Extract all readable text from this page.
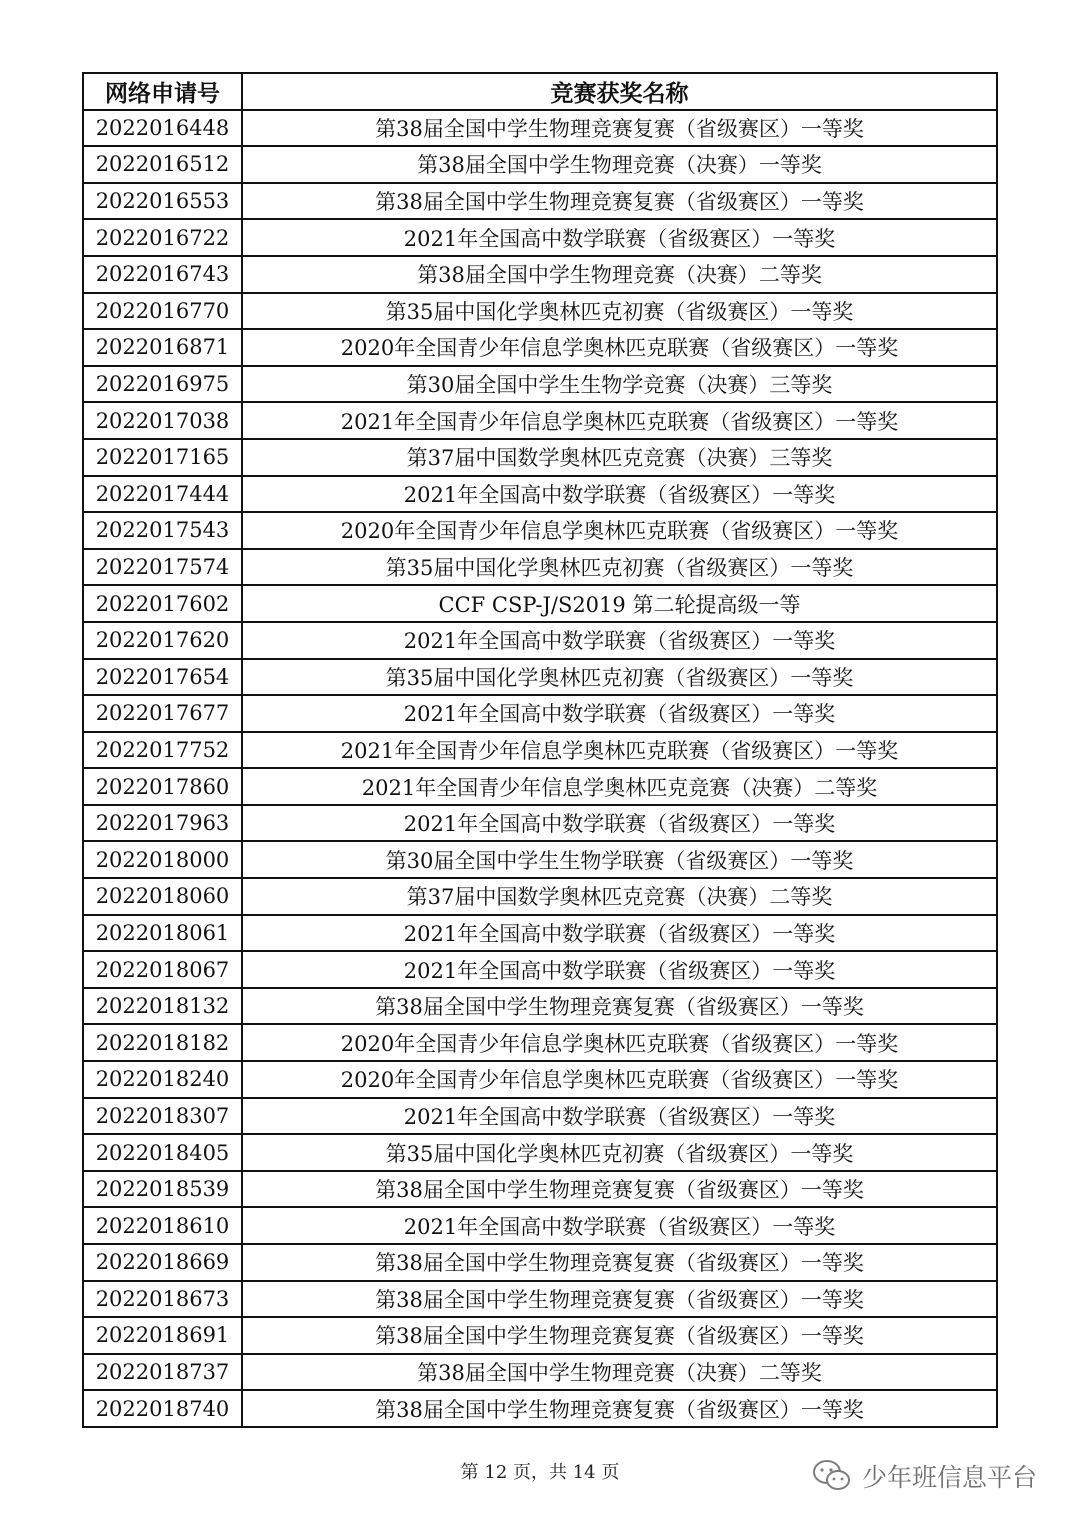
网络申请号	竞赛获奖名称
2022016448	第38届全国中学生物理竞赛复赛（省级赛区）一等奖
2022016512	第38届全国中学生物理竞赛（决赛）一等奖
2022016553	第38届全国中学生物理竞赛复赛（省级赛区）一等奖
2022016722	2021年全国高中数学联赛（省级赛区）一等奖
2022016743	第38届全国中学生物理竞赛（决赛）二等奖
2022016770	第35届中国化学奥林匹克初赛（省级赛区）一等奖
2022016871	2020年全国青少年信息学奥林匹克联赛（省级赛区）一等奖
2022016975	第30届全国中学生生物学竞赛（决赛）三等奖
2022017038	2021年全国青少年信息学奥林匹克联赛（省级赛区）一等奖
2022017165	第37届中国数学奥林匹克竞赛（决赛）三等奖
2022017444	2021年全国高中数学联赛（省级赛区）一等奖
2022017543	2020年全国青少年信息学奥林匹克联赛（省级赛区）一等奖
2022017574	第35届中国化学奥林匹克初赛（省级赛区）一等奖
2022017602	CCF CSP-J/S2019 第二轮提高级一等
2022017620	2021年全国高中数学联赛（省级赛区）一等奖
2022017654	第35届中国化学奥林匹克初赛（省级赛区）一等奖
2022017677	2021年全国高中数学联赛（省级赛区）一等奖
2022017752	2021年全国青少年信息学奥林匹克联赛（省级赛区）一等奖
2022017860	2021年全国青少年信息学奥林匹克竞赛（决赛）二等奖
2022017963	2021年全国高中数学联赛（省级赛区）一等奖
2022018000	第30届全国中学生生物学联赛（省级赛区）一等奖
2022018060	第37届中国数学奥林匹克竞赛（决赛）二等奖
2022018061	2021年全国高中数学联赛（省级赛区）一等奖
2022018067	2021年全国高中数学联赛（省级赛区）一等奖
2022018132	第38届全国中学生物理竞赛复赛（省级赛区）一等奖
2022018182	2020年全国青少年信息学奥林匹克联赛（省级赛区）一等奖
2022018240	2020年全国青少年信息学奥林匹克联赛（省级赛区）一等奖
2022018307	2021年全国高中数学联赛（省级赛区）一等奖
2022018405	第35届中国化学奥林匹克初赛（省级赛区）一等奖
2022018539	第38届全国中学生物理竞赛复赛（省级赛区）一等奖
2022018610	2021年全国高中数学联赛（省级赛区）一等奖
2022018669	第38届全国中学生物理竞赛复赛（省级赛区）一等奖
2022018673	第38届全国中学生物理竞赛复赛（省级赛区）一等奖
2022018691	第38届全国中学生物理竞赛复赛（省级赛区）一等奖
2022018737	第38届全国中学生物理竞赛（决赛）二等奖
2022018740	第38届全国中学生物理竞赛复赛（省级赛区）一等奖
第 12 页，共 14 页	少年班信息平台
